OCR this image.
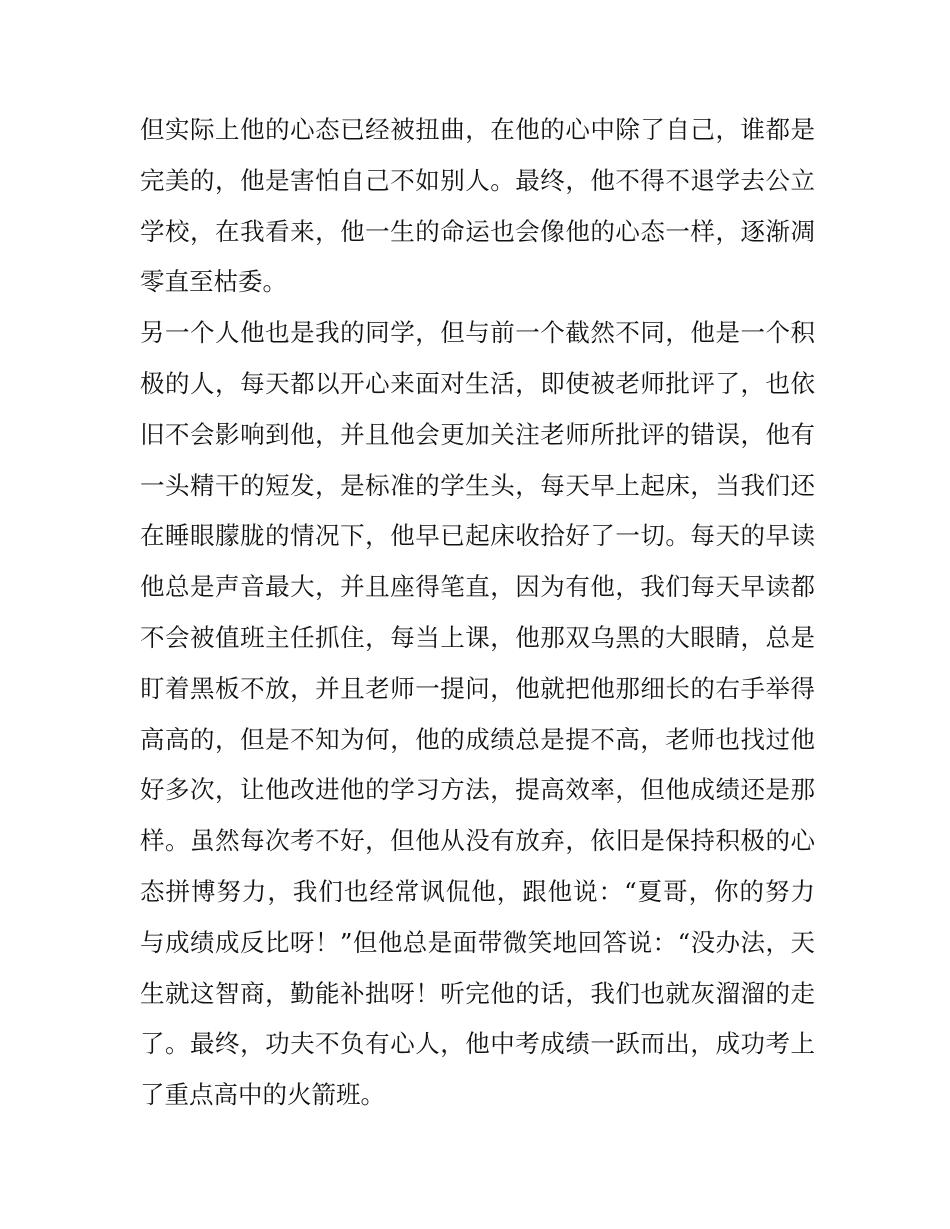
但实际上他的心态已经被扭曲，在他的心中除了自己，谁都是
完美的，他是害怕自己不如别人。最终，他不得不退学去公立
学校，在我看来，他一生的命运也会像他的心态一样，逐渐凋
零直至枯委。
另一个人他也是我的同学，但与前一个截然不同，他是一个积
极的人，每天都以开心来面对生活，即使被老师批评了，也依
旧不会影响到他，并且他会更加关注老师所批评的错误，他有
一头精干的短发，是标准的学生头，每天早上起床，当我们还
在睡眼朦胧的情况下，他早已起床收拾好了一切。每天的早读
他总是声音最大，并且座得笔直，因为有他，我们每天早读都
不会被值班主任抓住，每当上课，他那双乌黑的大眼睛，总是
盯着黑板不放，并且老师一提问，他就把他那细长的右手举得
高高的，但是不知为何，他的成绩总是提不高，老师也找过他
好多次，让他改进他的学习方法，提高效率，但他成绩还是那
样。虽然每次考不好，但他从没有放弃，依旧是保持积极的心
态拼博努力，我们也经常讽侃他，跟他说：“夏哥，你的努力
与成绩成反比呀！”但他总是面带微笑地回答说：“没办法，天
生就这智商，勤能补拙呀！听完他的话，我们也就灰溜溜的走
了。最终，功夫不负有心人，他中考成绩一跃而出，成功考上
了重点高中的火箭班。
